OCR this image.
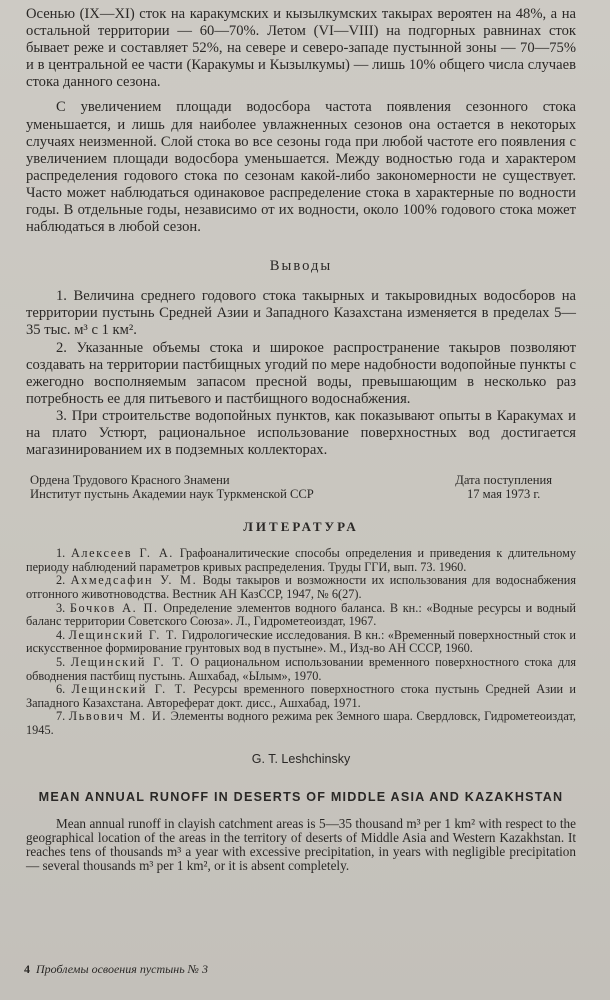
Осенью (IX—XI) сток на каракумских и кызылкумских такырах вероятен на 48%, а на остальной территории — 60—70%. Летом (VI—VIII) на подгорных равнинах сток бывает реже и составляет 52%, на севере и северо-западе пустынной зоны — 70—75% и в центральной ее части (Каракумы и Кызылкумы) — лишь 10% общего числа случаев стока данного сезона.

С увеличением площади водосбора частота появления сезонного стока уменьшается, и лишь для наиболее увлажненных сезонов она остается в некоторых случаях неизменной. Слой стока во все сезоны года при любой частоте его появления с увеличением площади водосбора уменьшается. Между водностью года и характером распределения годового стока по сезонам какой-либо закономерности не существует. Часто может наблюдаться одинаковое распределение стока в характерные по водности годы. В отдельные годы, независимо от их водности, около 100% годового стока может наблюдаться в любой сезон.

Выводы

1. Величина среднего годового стока такырных и такыровидных водосборов на территории пустынь Средней Азии и Западного Казахстана изменяется в пределах 5—35 тыс. м³ с 1 км².

2. Указанные объемы стока и широкое распространение такыров позволяют создавать на территории пастбищных угодий по мере надобности водопойные пункты с ежегодно восполняемым запасом пресной воды, превышающим в несколько раз потребность ее для питьевого и пастбищного водоснабжения.

3. При строительстве водопойных пунктов, как показывают опыты в Каракумах и на плато Устюрт, рациональное использование поверхностных вод достигается магазинированием их в подземных коллекторах.

Ордена Трудового Красного Знамени
Институт пустынь Академии наук Туркменской ССР
Дата поступления
17 мая 1973 г.
ЛИТЕРАТУРА

1. Алексеев Г. А. Графоаналитические способы определения и приведения к длительному периоду наблюдений параметров кривых распределения. Труды ГГИ, вып. 73. 1960.

2. Ахмедсафин У. М. Воды такыров и возможности их использования для водоснабжения отгонного животноводства. Вестник АН КазССР, 1947, № 6(27).

3. Бочков А. П. Определение элементов водного баланса. В кн.: «Водные ресурсы и водный баланс территории Советского Союза». Л., Гидрометеоиздат, 1967.

4. Лещинский Г. Т. Гидрологические исследования. В кн.: «Временный поверхностный сток и искусственное формирование грунтовых вод в пустыне». М., Изд-во АН СССР, 1960.

5. Лещинский Г. Т. О рациональном использовании временного поверхностного стока для обводнения пастбищ пустынь. Ашхабад, «Ылым», 1970.

6. Лещинский Г. Т. Ресурсы временного поверхностного стока пустынь Средней Азии и Западного Казахстана. Автореферат докт. дисс., Ашхабад, 1971.

7. Львович М. И. Элементы водного режима рек Земного шара. Свердловск, Гидрометеоиздат, 1945.

G. T. Leshchinsky
MEAN ANNUAL RUNOFF IN DESERTS OF MIDDLE ASIA AND KAZAKHSTAN

Mean annual runoff in clayish catchment areas is 5—35 thousand m³ per 1 km² with respect to the geographical location of the areas in the territory of deserts of Middle Asia and Western Kazakhstan. It reaches tens of thousands m³ a year with excessive precipitation, in years with negligible precipitation — several thousands m³ per 1 km², or it is absent completely.

4 Проблемы освоения пустынь № 3
